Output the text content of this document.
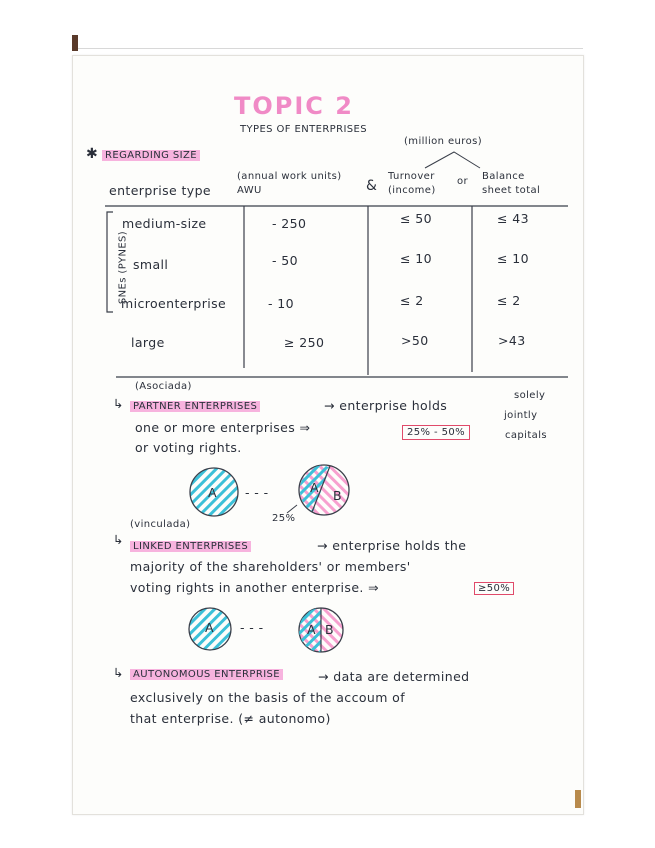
TOPIC 2
TYPES OF ENTERPRISES
✱ REGARDING SIZE
(million euros)
enterprise type
(annual work units)
AWU	&
Turnover
(income)
or Balance
sheet total
SNEs (PYNES)
medium-size	- 250	≤ 50	≤ 43
small	- 50	≤ 10	≤ 10
microenterprise	- 10	≤ 2	≤ 2
large	≥ 250	>50	>43
(Asociada)
↳ PARTNER ENTERPRISES	→ enterprise holds
solely
jointly
one or more enterprises ⇒	25% - 50%	capitals
or voting rights.
A	A
B
- - -
25%
(vinculada)
↳ LINKED ENTERPRISES	→ enterprise holds the
majority of the shareholders' or members'
voting rights in another enterprise. ⇒	≥50%
A	A B
- - -
↳ AUTONOMOUS ENTERPRISE	→ data are determined
exclusively on the basis of the accoum of
that enterprise. (≠ autonomo)
